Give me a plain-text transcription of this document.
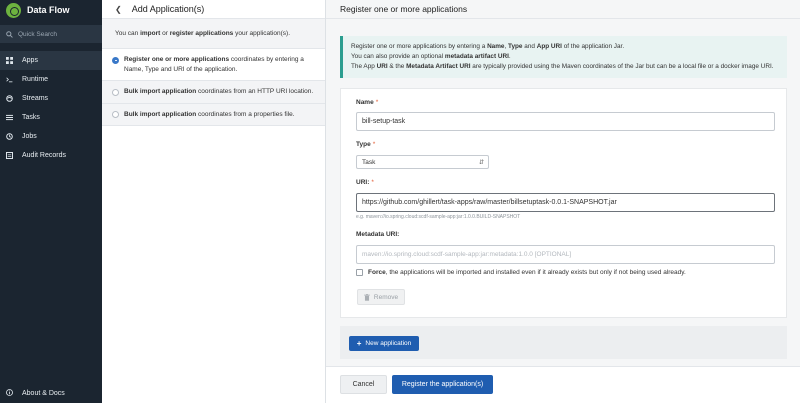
Data Flow
Quick Search
Apps
Runtime
Streams
Tasks
Jobs
Audit Records
About & Docs
❮ Add Application(s)
You can import or register applications your application(s).
Register one or more applications coordinates by entering a Name, Type and URI of the application.
Bulk import application coordinates from an HTTP URI location.
Bulk import application coordinates from a properties file.
Register one or more applications
Register one or more applications by entering a Name, Type and App URI of the application Jar.
You can also provide an optional metadata artifact URI.
The App URI & the Metadata Artifact URI are typically provided using the Maven coordinates of the Jar but can be a local file or a docker image URI.
Name *
bill-setup-task
Type *
Task	⇵
URI: *
https://github.com/ghillert/task-apps/raw/master/billsetuptask-0.0.1-SNAPSHOT.jar
e.g. maven://io.spring.cloud:scdf-sample-app:jar:1.0.0.BUILD-SNAPSHOT
Metadata URI:
maven://io.spring.cloud:scdf-sample-app:jar:metadata:1.0.0 [OPTIONAL]
Force, the applications will be imported and installed even if it already exists but only if not being used already.
Remove
+ New application
Cancel	Register the application(s)
